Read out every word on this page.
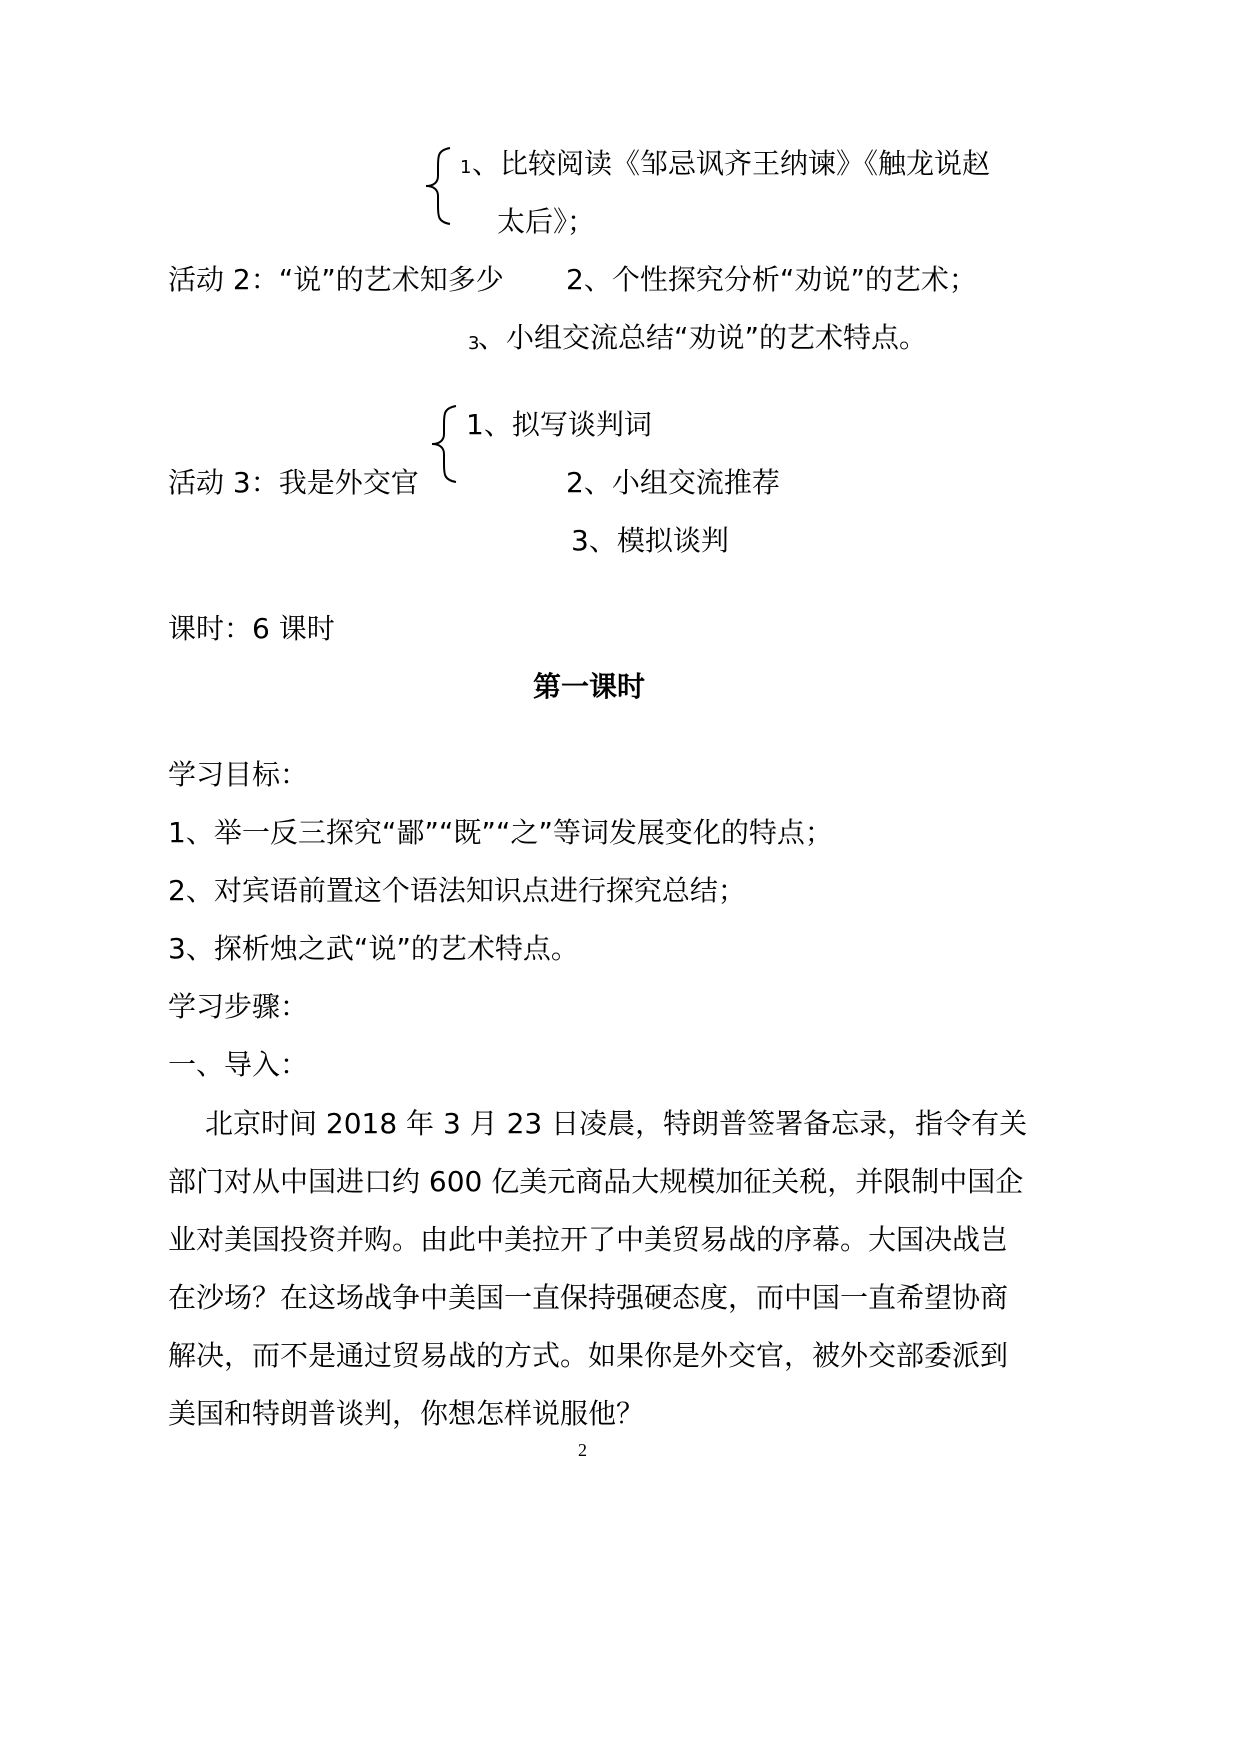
1 、比较阅读《邹忌讽齐王纳谏》《触龙说赵
太后》；
活动 2：“说”的艺术知多少 2、个性探究分析“劝说”的艺术；
3
、小组交流总结“劝说”的艺术特点。
1、拟写谈判词
活动 3：我是外交官	2、小组交流推荐
3、模拟谈判
课时：6 课时
第一课时
学习目标：
1、举一反三探究“鄙”“既”“之”等词发展变化的特点；
2、对宾语前置这个语法知识点进行探究总结；
3、探析烛之武“说”的艺术特点。
学习步骤：
一、导入：
北京时间 2018 年 3 月 23 日凌晨，特朗普签署备忘录，指令有关
部门对从中国进口约 600 亿美元商品大规模加征关税，并限制中国企
业对美国投资并购。由此中美拉开了中美贸易战的序幕。大国决战岂
在沙场？在这场战争中美国一直保持强硬态度，而中国一直希望协商
解决，而不是通过贸易战的方式。如果你是外交官，被外交部委派到
美国和特朗普谈判，你想怎样说服他？
2
